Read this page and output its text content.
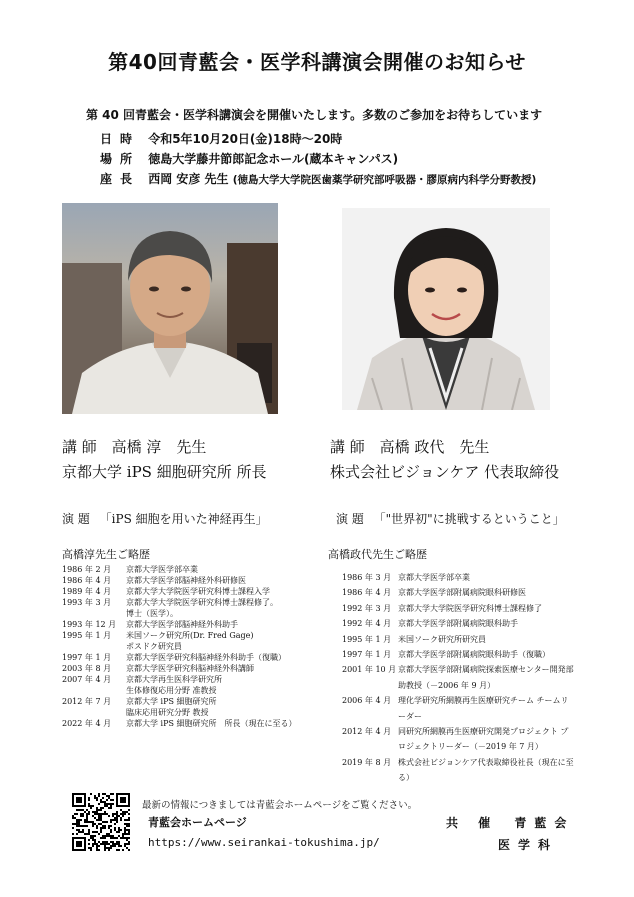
第40回青藍会・医学科講演会開催のお知らせ
第 40 回青藍会・医学科講演会を開催いたします。多数のご参加をお待ちしています
日時 令和5年10月20日(金)18時～20時
場所 徳島大学藤井節郎記念ホール(蔵本キャンパス)
座長 西岡 安彦 先生 (徳島大学大学院医歯薬学研究部呼吸器・膠原病内科学分野教授)
講 師 高橋 淳　先生
京都大学 iPS 細胞研究所 所長
演 題 「iPS 細胞を用いた神経再生」
高橋淳先生ご略歴
1986 年 2 月	京都大学医学部卒業
1986 年 4 月	京都大学医学部脳神経外科研修医
1989 年 4 月	京都大学大学院医学研究科博士課程入学
1993 年 3 月	京都大学大学院医学研究科博士課程修了。
博士（医学）。
1993 年 12 月	京都大学医学部脳神経外科助手
1995 年 1 月	米国ソーク研究所(Dr. Fred Gage)
ポスドク研究員
1997 年 1 月	京都大学医学研究科脳神経外科助手（復職）
2003 年 8 月	京都大学医学研究科脳神経外科講師
2007 年 4 月	京都大学再生医科学研究所
生体修復応用分野 准教授
2012 年 7 月	京都大学 iPS 細胞研究所
臨床応用研究分野 教授
2022 年 4 月	京都大学 iPS 細胞研究所　所長（現在に至る）
講 師 高橋 政代　先生
株式会社ビジョンケア 代表取締役
演 題 「"世界初"に挑戦するということ」
高橋政代先生ご略歴
1986 年 3 月 京都大学医学部卒業
1986 年 4 月 京都大学医学部附属病院眼科研修医
1992 年 3 月 京都大学大学院医学研究科博士課程修了
1992 年 4 月 京都大学医学部附属病院眼科助手
1995 年 1 月 米国ソーク研究所研究員
1997 年 1 月 京都大学医学部附属病院眼科助手（復職）
2001 年 10 月 京都大学医学部附属病院探索医療センター開発部
助教授（－2006 年 9 月）
2006 年 4 月 理化学研究所網膜再生医療研究チーム チームリ
ーダー
2012 年 4 月 同研究所網膜再生医療研究開発プロジェクト プ
ロジェクトリーダー（－2019 年 7 月）
2019 年 8 月 株式会社ビジョンケア代表取締役社長（現在に至
る）
最新の情報につきましては青藍会ホームページをご覧ください。
青藍会ホームページ
https://www.seirankai-tokushima.jp/
共 催 青藍会
医学科
